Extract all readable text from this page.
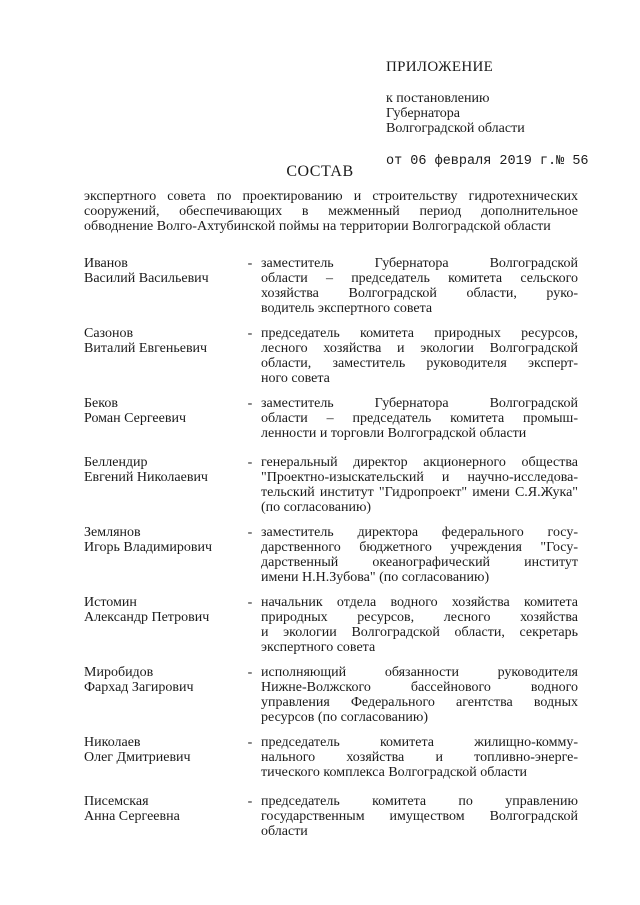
ПРИЛОЖЕНИЕ
к постановлению
Губернатора
Волгоградской области
от 06 февраля 2019 г.№ 56
СОСТАВ
экспертного совета по проектированию и строительству гидротехнических
сооружений, обеспечивающих в межменный период дополнительное
обводнение Волго-Ахтубинской поймы на территории Волгоградской области
Иванов
Василий Васильевич
- заместитель Губернатора Волгоградской
области – председатель комитета сельского
хозяйства Волгоградской области, руко-
водитель экспертного совета
Сазонов
Виталий Евгеньевич
- председатель комитета природных ресурсов,
лесного хозяйства и экологии Волгоградской
области, заместитель руководителя эксперт-
ного совета
Беков
Роман Сергеевич
- заместитель Губернатора Волгоградской
области – председатель комитета промыш-
ленности и торговли Волгоградской области
Беллендир
Евгений Николаевич
- генеральный директор акционерного общества
"Проектно-изыскательский и научно-исследова-
тельский институт "Гидропроект" имени С.Я.Жука"
(по согласованию)
Землянов
Игорь Владимирович
- заместитель директора федерального госу-
дарственного бюджетного учреждения "Госу-
дарственный океанографический институт
имени Н.Н.Зубова" (по согласованию)
Истомин
Александр Петрович
- начальник отдела водного хозяйства комитета
природных ресурсов, лесного хозяйства
и экологии Волгоградской области, секретарь
экспертного совета
Миробидов
Фархад Загирович
- исполняющий обязанности руководителя
Нижне-Волжского бассейнового водного
управления Федерального агентства водных
ресурсов (по согласованию)
Николаев
Олег Дмитриевич
- председатель комитета жилищно-комму-
нального хозяйства и топливно-энерге-
тического комплекса Волгоградской области
Писемская
Анна Сергеевна
- председатель комитета по управлению
государственным имуществом Волгоградской
области
